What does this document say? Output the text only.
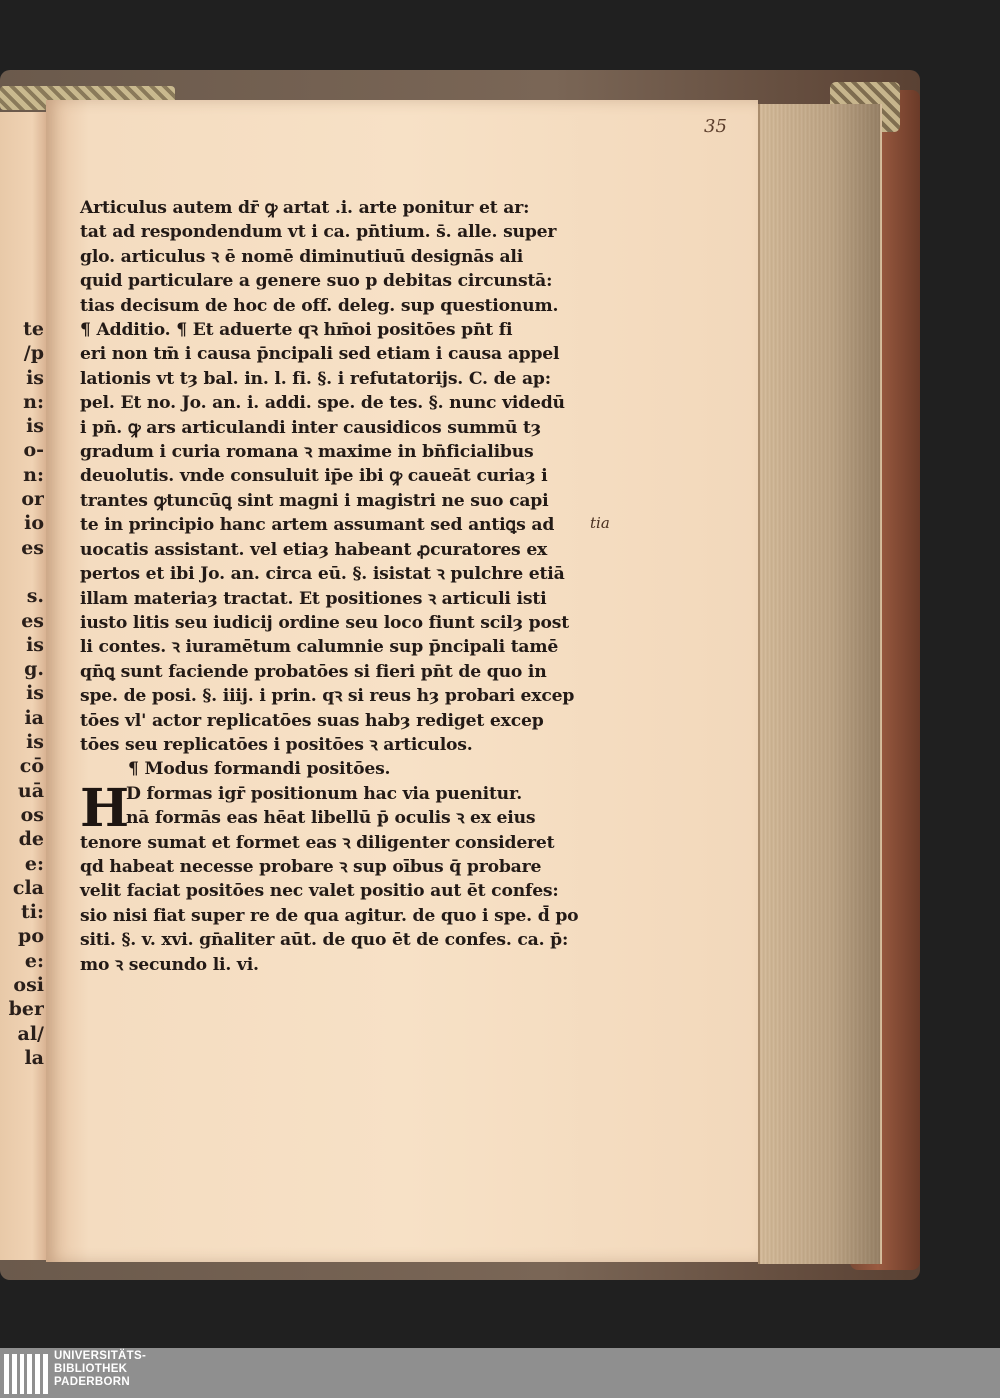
te
/p
is
n:
is
o-
n:
or
io
es

s.
es
is
g.
is
ia
is
cō
uā
os
de
e:
cla
ti:
po
e:
osi
ber
al/
la
35
tia
Articulus autem dr̄ ꝙ artat .i. arte ponitur et ar:
tat ad respondendum vt i ca. pn̄tium. s̄. alle. super
glo. articulus ꝛ ē nomē diminutiuū designās ali
quid particulare a genere suo p debitas circunstā:
tias decisum de hoc de off. deleg. sup questionum.
¶ Additio. ¶ Et aduerte qꝛ hm̄oi positōes pn̄t fi
eri non tm̄ i causa p̄ncipali sed etiam i causa appel
lationis vt tȝ bal. in. l. fi. §. i refutatorijs. C. de ap:
pel. Et no. Jo. an. i. addi. spe. de tes. §. nunc videdū
i pn̄. ꝙ ars articulandi inter causidicos summū tȝ
gradum i curia romana ꝛ maxime in bn̄ficialibus
deuolutis. vnde consuluit ip̄e ibi ꝙ caueāt curiaȝ i
trantes ꝙtuncūꝗ sint magni i magistri ne suo capi
te in principio hanc artem assumant sed antiꝗs ad
uocatis assistant. vel etiaȝ habeant ꝓcuratores ex
pertos et ibi Jo. an. circa eū. §. isistat ꝛ pulchre etiā
illam materiaȝ tractat. Et positiones ꝛ articuli isti
iusto litis seu iudicij ordine seu loco fiunt scilȝ post
li contes. ꝛ iuramētum calumnie sup p̄ncipali tamē
qn̄ꝗ sunt faciende probatōes si fieri pn̄t de quo in
spe. de posi. §. iiij. i prin. qꝛ si reus hȝ probari excep
tōes vl' actor replicatōes suas habȝ rediget excep
tōes seu replicatōes i positōes ꝛ articulos.
¶ Modus formandi positōes.
H
D formas igr̄ positionum hac via puenitur.
nā formās eas hēat libellū p̄ oculis ꝛ ex eius
tenore sumat et formet eas ꝛ diligenter consideret
qd habeat necesse probare ꝛ sup oībus q̄ probare
velit faciat positōes nec valet positio aut ēt confes:
sio nisi fiat super re de qua agitur. de quo i spe. d̄ po
siti. §. v. xvi. gn̄aliter aūt. de quo ēt de confes. ca. p̄:
mo ꝛ secundo li. vi.
UNIVERSITÄTS-
BIBLIOTHEK
PADERBORN
